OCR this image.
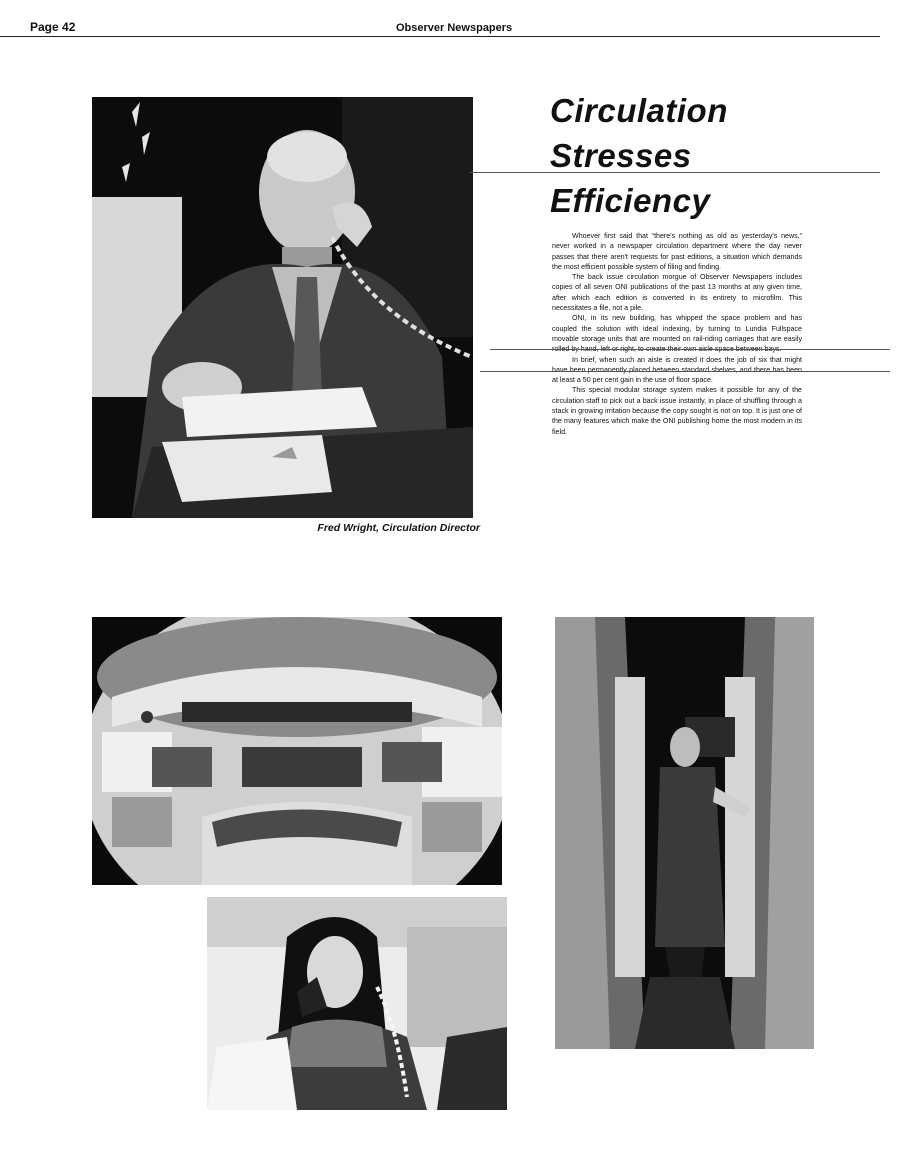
Page 42	Observer Newspapers
Fred Wright, Circulation Director
Circulation
Stresses
Efficiency

Whoever first said that “there's nothing as old as yesterday's news,” never worked in a newspaper circulation department where the day never passes that there aren't requests for past editions, a situation which demands the most efficient possible system of filing and finding.

The back issue circulation morgue of Observer Newspapers includes copies of all seven ONI publications of the past 13 months at any given time, after which each edition is converted in its entirety to microfilm. This necessitates a file, not a pile.

ONI, in its new building, has whipped the space problem and has coupled the solution with ideal indexing, by turning to Lundia Fullspace movable storage units that are mounted on rail-riding carriages that are easily rolled by hand, left or right, to create their own aisle space between bays.

In brief, when such an aisle is created it does the job of six that might have been permanently placed between standard shelves, and there has been at least a 50 per cent gain in the use of floor space.

This special modular storage system makes it possible for any of the circulation staff to pick out a back issue instantly, in place of shuffling through a stack in growing irritation because the copy sought is not on top. It is just one of the many features which make the ONI publishing home the most modern in its field.
